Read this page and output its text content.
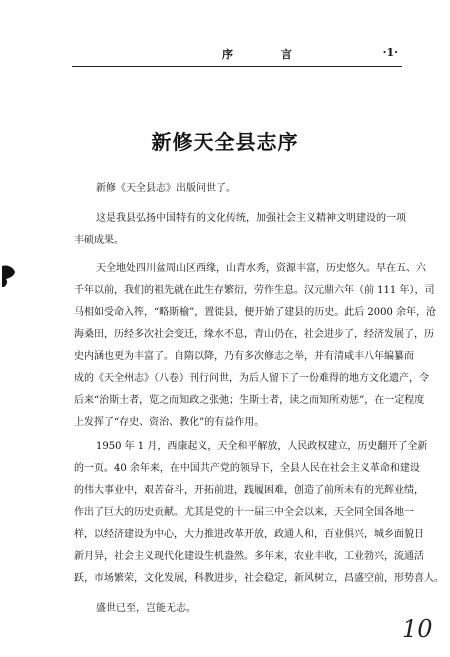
序 言	·1·
新修天全县志序
新修《天全县志》出版问世了。
这是我县弘扬中国特有的文化传统，加强社会主义精神文明建设的一项
丰硕成果。
天全地处四川盆周山区西缘，山青水秀，资源丰富，历史悠久。早在五、六
千年以前，我们的祖先就在此生存繁衍，劳作生息。汉元鼎六年（前 111 年），司
马相如受命入筰，“略斯榆”，置徙县，便开始了建县的历史。此后 2000 余年，沧
海桑田，历经多次社会变迁，缘水不息，青山仍在，社会进步了，经济发展了，历
史内涵也更为丰富了。自隋以降，乃有多次修志之举，并有清咸丰八年编纂而
成的《天全州志》（八卷）刊行问世，为后人留下了一份难得的地方文化遗产，令
后来“治斯土者，览之而知政之张弛；生斯土者，读之而知所劝惩”，在一定程度
上发挥了“存史、资治、教化”的有益作用。
1950 年 1 月，西康起义，天全和平解放，人民政权建立，历史翻开了全新
的一页。40 余年来，在中国共产党的领导下，全县人民在社会主义革命和建设
的伟大事业中，艰苦奋斗，开拓前进，践履困难，创造了前所未有的光辉业绩，
作出了巨大的历史贡献。尤其是党的十一届三中全会以来，天全同全国各地一
样，以经济建设为中心，大力推进改革开放，政通人和，百业俱兴，城乡面貌日
新月异，社会主义现代化建设生机盎然。多年来，农业丰收，工业勃兴，流通活
跃，市场繁荣，文化发展，科教进步，社会稳定，新风树立，昌盛空前，形势喜人。
盛世已至，岂能无志。
10
